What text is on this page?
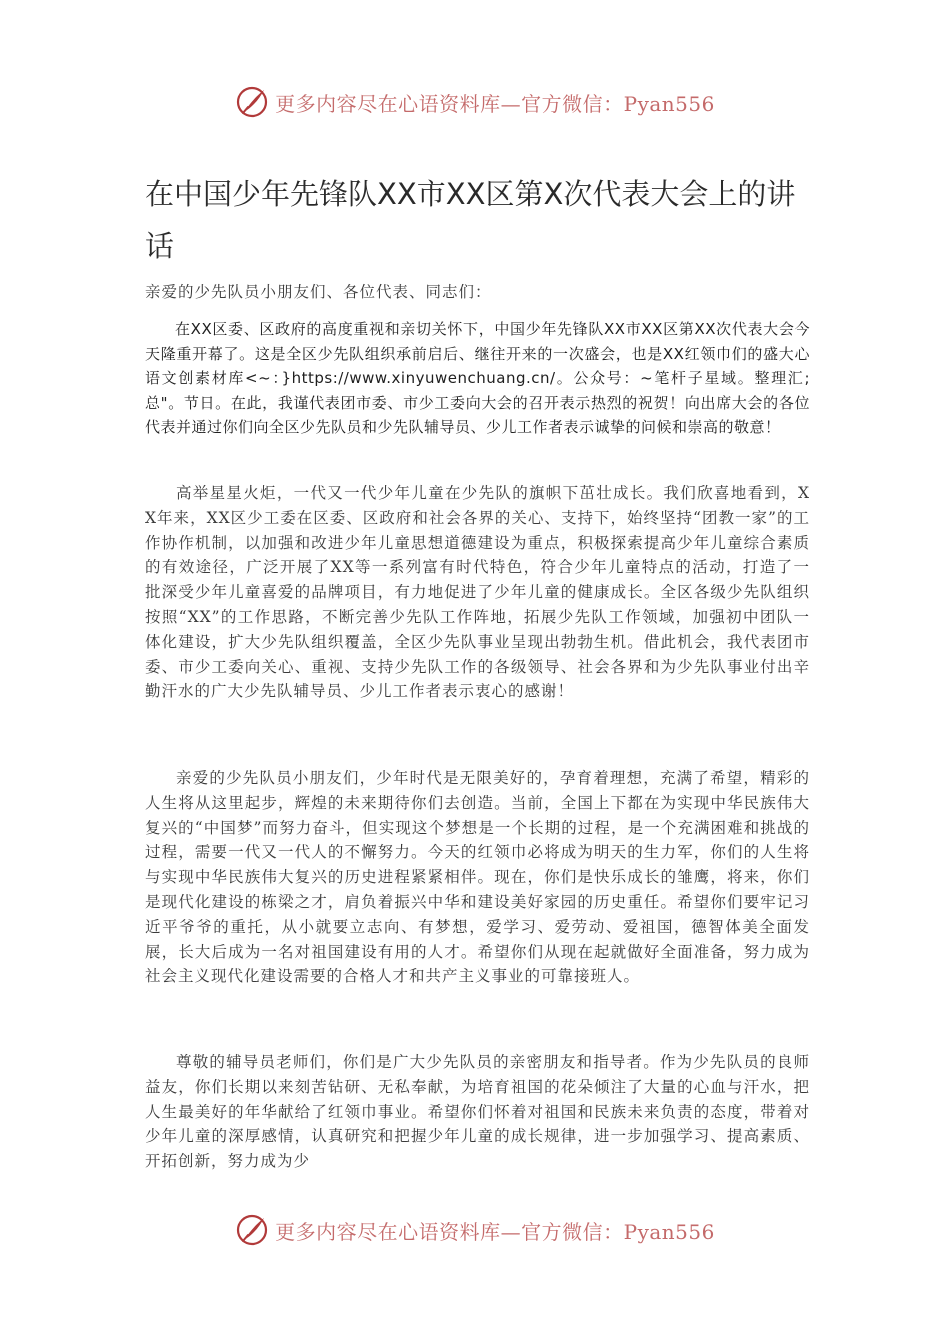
更多内容尽在心语资料库—官方微信：Pyan556
在中国少年先锋队XX市XX区第X次代表大会上的讲话

亲爱的少先队员小朋友们、各位代表、同志们：

在XX区委、区政府的高度重视和亲切关怀下，中国少年先锋队XX市XX区第XX次代表大会今天隆重开幕了。这是全区少先队组织承前启后、继往开来的一次盛会，也是XX红领巾们的盛大心语文创素材库<~：}https://www.xinyuwenchuang.cn/。公众号：~笔杆子星域。整理汇;总"。节日。在此，我谨代表团市委、市少工委向大会的召开表示热烈的祝贺！向出席大会的各位代表并通过你们向全区少先队员和少先队辅导员、少儿工作者表示诚挚的问候和崇高的敬意！

高举星星火炬，一代又一代少年儿童在少先队的旗帜下茁壮成长。我们欣喜地看到，XX年来，XX区少工委在区委、区政府和社会各界的关心、支持下，始终坚持“团教一家”的工作协作机制，以加强和改进少年儿童思想道德建设为重点，积极探索提高少年儿童综合素质的有效途径，广泛开展了XX等一系列富有时代特色，符合少年儿童特点的活动，打造了一批深受少年儿童喜爱的品牌项目，有力地促进了少年儿童的健康成长。全区各级少先队组织按照“XX”的工作思路，不断完善少先队工作阵地，拓展少先队工作领域，加强初中团队一体化建设，扩大少先队组织覆盖，全区少先队事业呈现出勃勃生机。借此机会，我代表团市委、市少工委向关心、重视、支持少先队工作的各级领导、社会各界和为少先队事业付出辛勤汗水的广大少先队辅导员、少儿工作者表示衷心的感谢！

亲爱的少先队员小朋友们，少年时代是无限美好的，孕育着理想，充满了希望，精彩的人生将从这里起步，辉煌的未来期待你们去创造。当前，全国上下都在为实现中华民族伟大复兴的“中国梦”而努力奋斗，但实现这个梦想是一个长期的过程，是一个充满困难和挑战的过程，需要一代又一代人的不懈努力。今天的红领巾必将成为明天的生力军，你们的人生将与实现中华民族伟大复兴的历史进程紧紧相伴。现在，你们是快乐成长的雏鹰，将来，你们是现代化建设的栋梁之才，肩负着振兴中华和建设美好家园的历史重任。希望你们要牢记习近平爷爷的重托，从小就要立志向、有梦想，爱学习、爱劳动、爱祖国，德智体美全面发展，长大后成为一名对祖国建设有用的人才。希望你们从现在起就做好全面准备，努力成为社会主义现代化建设需要的合格人才和共产主义事业的可靠接班人。

尊敬的辅导员老师们，你们是广大少先队员的亲密朋友和指导者。作为少先队员的良师益友，你们长期以来刻苦钻研、无私奉献，为培育祖国的花朵倾注了大量的心血与汗水，把人生最美好的年华献给了红领巾事业。希望你们怀着对祖国和民族未来负责的态度，带着对少年儿童的深厚感情，认真研究和把握少年儿童的成长规律，进一步加强学习、提高素质、开拓创新，努力成为少

更多内容尽在心语资料库—官方微信：Pyan556
